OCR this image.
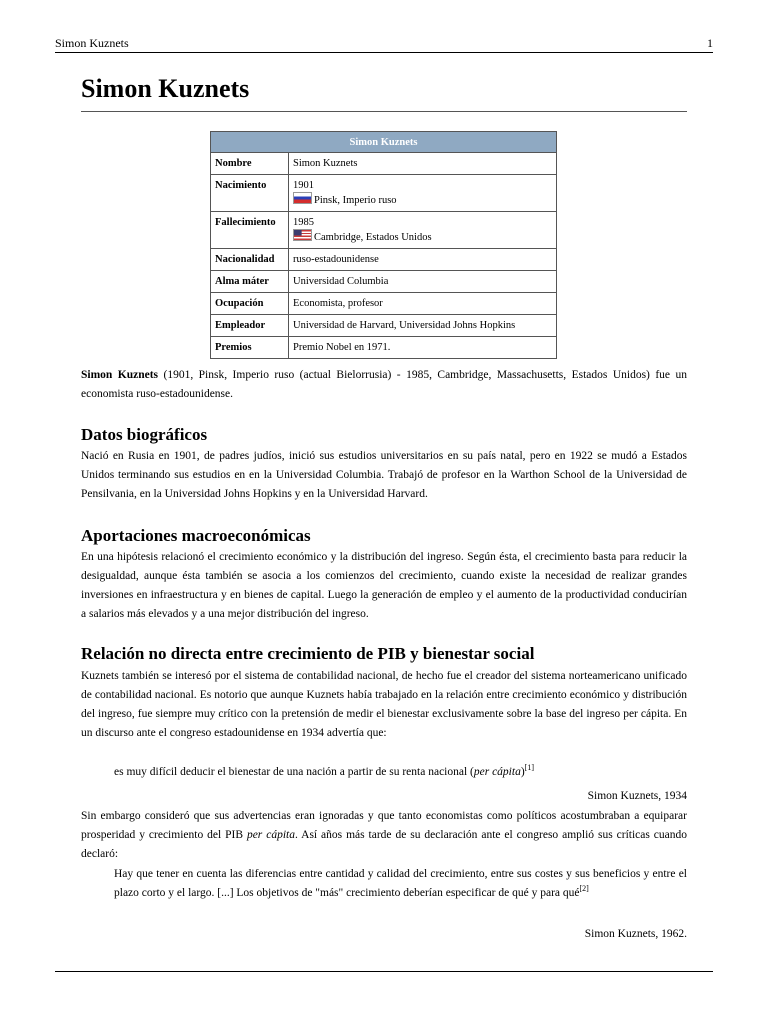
Simon Kuznets	1
Simon Kuznets
Simon Kuznets	
Nombre	Simon Kuznets
Nacimiento	1901
Pinsk, Imperio ruso

Fallecimiento	1985
Cambridge, Estados Unidos

Nacionalidad	ruso-estadounidense
Alma máter	Universidad Columbia
Ocupación	Economista, profesor
Empleador	Universidad de Harvard, Universidad Johns Hopkins
Premios	Premio Nobel en 1971.

Simon Kuznets (1901, Pinsk, Imperio ruso (actual Bielorrusia) - 1985, Cambridge, Massachusetts, Estados Unidos) fue un economista ruso-estadounidense.

Datos biográficos

Nació en Rusia en 1901, de padres judíos, inició sus estudios universitarios en su país natal, pero en 1922 se mudó a Estados Unidos terminando sus estudios en en la Universidad Columbia. Trabajó de profesor en la Warthon School de la Universidad de Pensilvania, en la Universidad Johns Hopkins y en la Universidad Harvard.

Aportaciones macroeconómicas

En una hipótesis relacionó el crecimiento económico y la distribución del ingreso. Según ésta, el crecimiento basta para reducir la desigualdad, aunque ésta también se asocia a los comienzos del crecimiento, cuando existe la necesidad de realizar grandes inversiones en infraestructura y en bienes de capital. Luego la generación de empleo y el aumento de la productividad conducirían a salarios más elevados y a una mejor distribución del ingreso.

Relación no directa entre crecimiento de PIB y bienestar social

Kuznets también se interesó por el sistema de contabilidad nacional, de hecho fue el creador del sistema norteamericano unificado de contabilidad nacional. Es notorio que aunque Kuznets había trabajado en la relación entre crecimiento económico y distribución del ingreso, fue siempre muy crítico con la pretensión de medir el bienestar exclusivamente sobre la base del ingreso per cápita. En un discurso ante el congreso estadounidense en 1934 advertía que:

es muy difícil deducir el bienestar de una nación a partir de su renta nacional (per cápita)[1]

Simon Kuznets, 1934

Sin embargo consideró que sus advertencias eran ignoradas y que tanto economistas como políticos acostumbraban a equiparar prosperidad y crecimiento del PIB per cápita. Así años más tarde de su declaración ante el congreso amplió sus críticas cuando declaró:

Hay que tener en cuenta las diferencias entre cantidad y calidad del crecimiento, entre sus costes y sus beneficios y entre el plazo corto y el largo. [...] Los objetivos de "más" crecimiento deberían especificar de qué y para qué[2]

Simon Kuznets, 1962.
